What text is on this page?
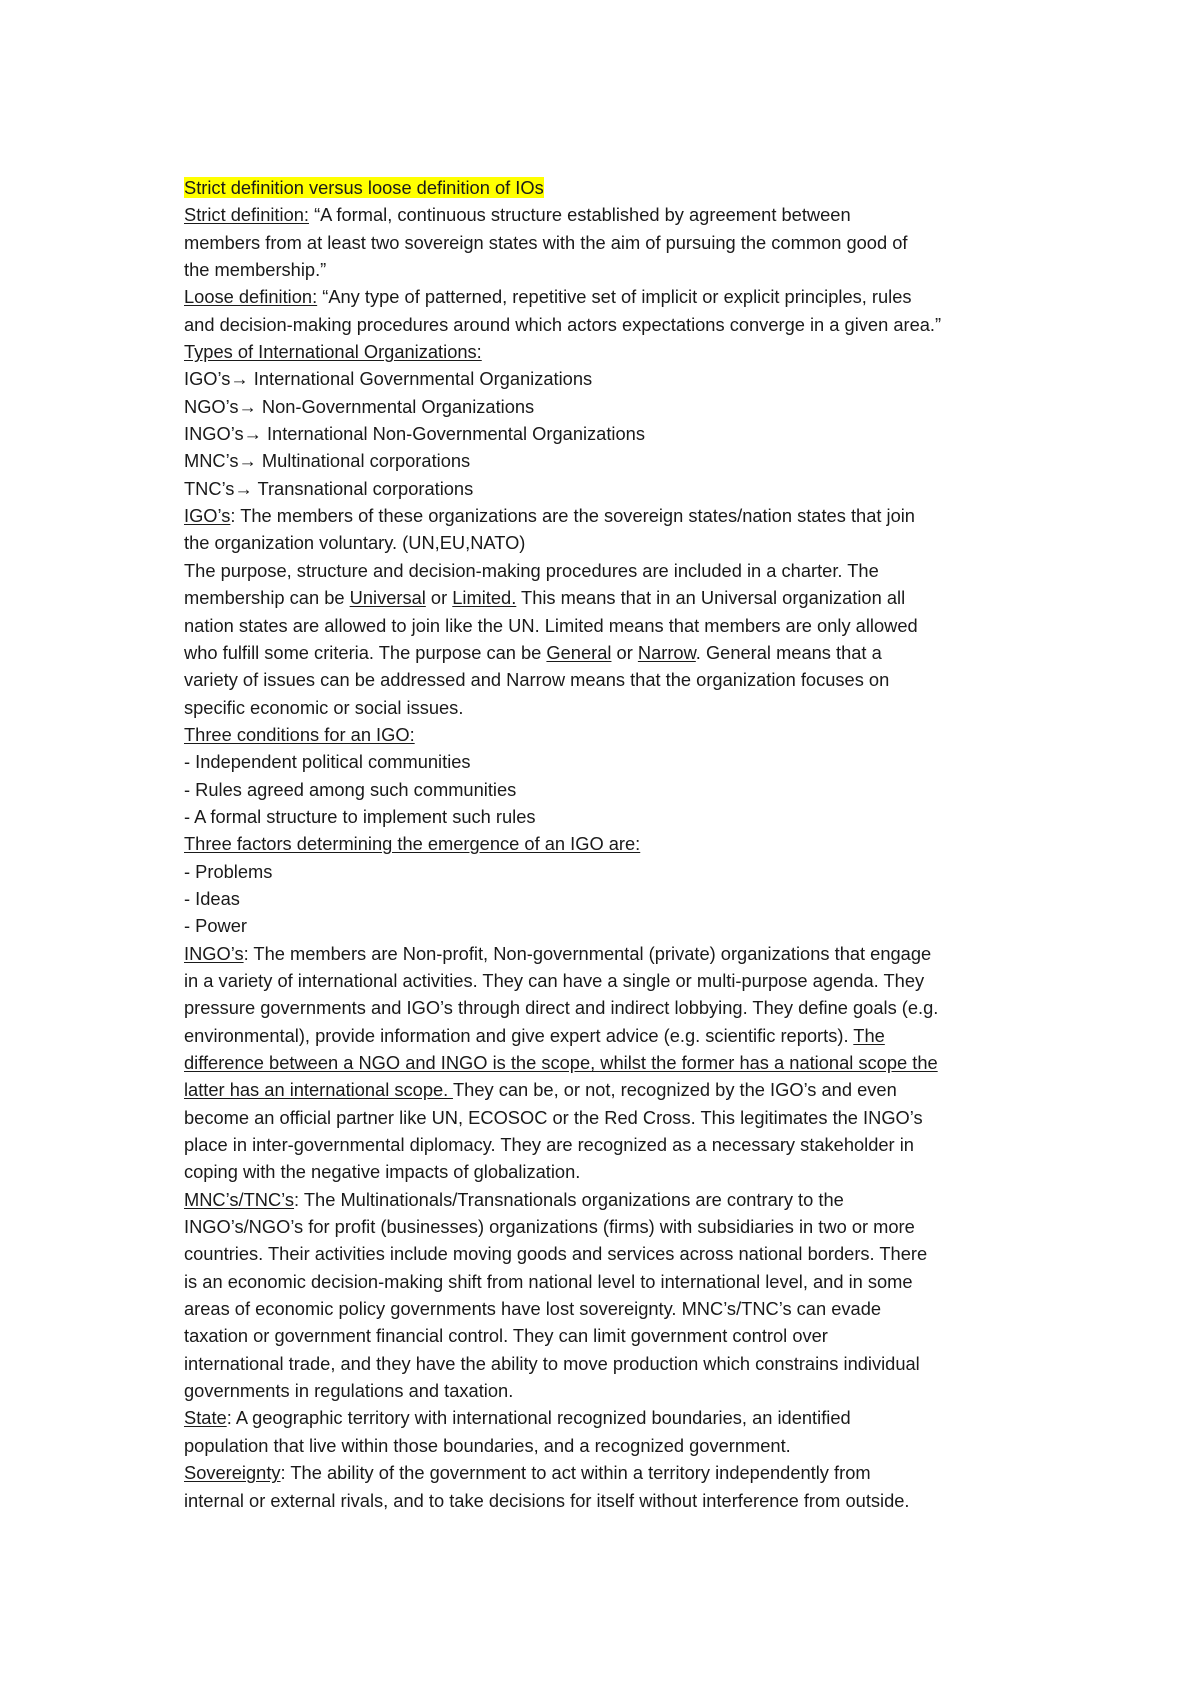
Strict definition versus loose definition of IOs
Strict definition: “A formal, continuous structure established by agreement between
members from at least two sovereign states with the aim of pursuing the common good of
the membership.”
Loose definition: “Any type of patterned, repetitive set of implicit or explicit principles, rules
and decision-making procedures around which actors expectations converge in a given area.”
Types of International Organizations:
IGO’s→ International Governmental Organizations
NGO’s→ Non-Governmental Organizations
INGO’s→ International Non-Governmental Organizations
MNC’s→ Multinational corporations
TNC’s→ Transnational corporations
IGO’s: The members of these organizations are the sovereign states/nation states that join
the organization voluntary. (UN,EU,NATO)
The purpose, structure and decision-making procedures are included in a charter. The
membership can be Universal or Limited. This means that in an Universal organization all
nation states are allowed to join like the UN. Limited means that members are only allowed
who fulfill some criteria. The purpose can be General or Narrow. General means that a
variety of issues can be addressed and Narrow means that the organization focuses on
specific economic or social issues.
Three conditions for an IGO:
- Independent political communities
- Rules agreed among such communities
- A formal structure to implement such rules
Three factors determining the emergence of an IGO are:
- Problems
- Ideas
- Power
INGO’s: The members are Non-profit, Non-governmental (private) organizations that engage
in a variety of international activities. They can have a single or multi-purpose agenda. They
pressure governments and IGO’s through direct and indirect lobbying. They define goals (e.g.
environmental), provide information and give expert advice (e.g. scientific reports). The
difference between a NGO and INGO is the scope, whilst the former has a national scope the
latter has an international scope. They can be, or not, recognized by the IGO’s and even
become an official partner like UN, ECOSOC or the Red Cross. This legitimates the INGO’s
place in inter-governmental diplomacy. They are recognized as a necessary stakeholder in
coping with the negative impacts of globalization.
MNC’s/TNC’s: The Multinationals/Transnationals organizations are contrary to the
INGO’s/NGO’s for profit (businesses) organizations (firms) with subsidiaries in two or more
countries. Their activities include moving goods and services across national borders. There
is an economic decision-making shift from national level to international level, and in some
areas of economic policy governments have lost sovereignty. MNC’s/TNC’s can evade
taxation or government financial control. They can limit government control over
international trade, and they have the ability to move production which constrains individual
governments in regulations and taxation.
State: A geographic territory with international recognized boundaries, an identified
population that live within those boundaries, and a recognized government.
Sovereignty: The ability of the government to act within a territory independently from
internal or external rivals, and to take decisions for itself without interference from outside.
